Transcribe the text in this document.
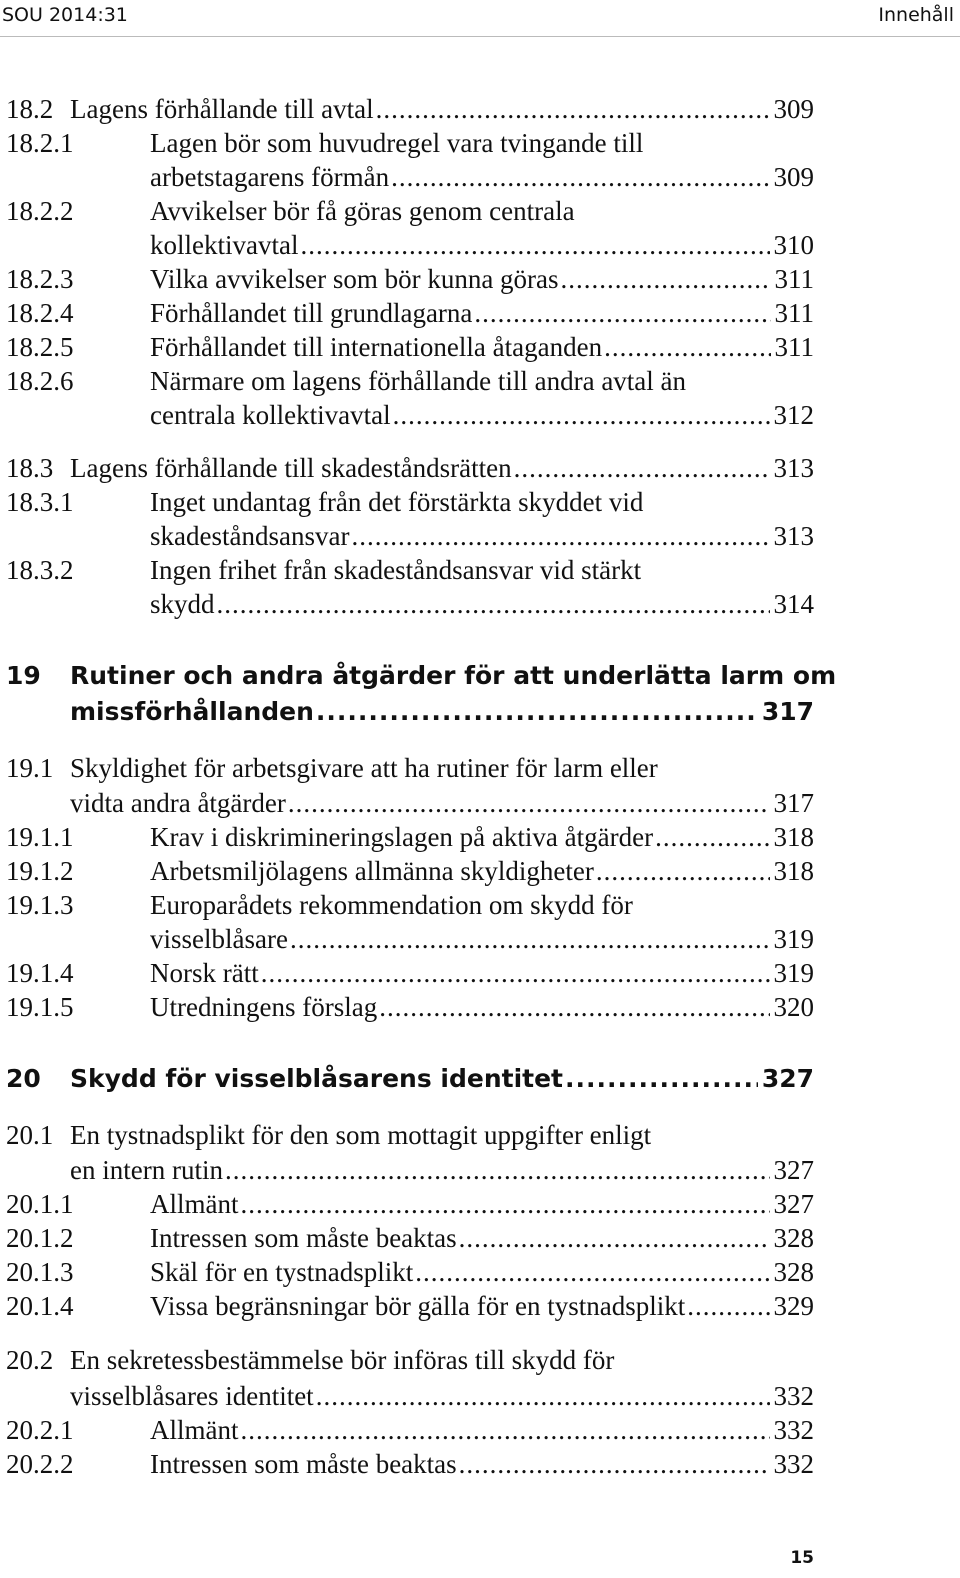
SOU 2014:31	Innehåll
18.2 Lagens förhållande till avtal .....	309
18.2.1	Lagen bör som huvudregel vara tvingande till
arbetstagarens förmån .....	309
18.2.2	Avvikelser bör få göras genom centrala
kollektivavtal .....	310
18.2.3	Vilka avvikelser som bör kunna göras .....	311
18.2.4	Förhållandet till grundlagarna .....	311
18.2.5	Förhållandet till internationella åtaganden .....	311
18.2.6	Närmare om lagens förhållande till andra avtal än
centrala kollektivavtal .....	312
18.3 Lagens förhållande till skadeståndsrätten .....	313
18.3.1	Inget undantag från det förstärkta skyddet vid
skadeståndsansvar .....	313
18.3.2	Ingen frihet från skadeståndsansvar vid stärkt
skydd .....	314
19 Rutiner och andra åtgärder för att underlätta larm om
missförhållanden .....	317
19.1 Skyldighet för arbetsgivare att ha rutiner för larm eller
vidta andra åtgärder .....	317
19.1.1	Krav i diskrimineringslagen på aktiva åtgärder .....	318
19.1.2	Arbetsmiljölagens allmänna skyldigheter .....	318
19.1.3	Europarådets rekommendation om skydd för
visselblåsare .....	319
19.1.4	Norsk rätt .....	319
19.1.5	Utredningens förslag .....	320
20 Skydd för visselblåsarens identitet .....	327
20.1 En tystnadsplikt för den som mottagit uppgifter enligt
en intern rutin .....	327
20.1.1	Allmänt .....	327
20.1.2	Intressen som måste beaktas .....	328
20.1.3	Skäl för en tystnadsplikt .....	328
20.1.4	Vissa begränsningar bör gälla för en tystnadsplikt .....	329
20.2 En sekretessbestämmelse bör införas till skydd för
visselblåsares identitet .....	332
20.2.1	Allmänt .....	332
20.2.2	Intressen som måste beaktas .....	332
15
